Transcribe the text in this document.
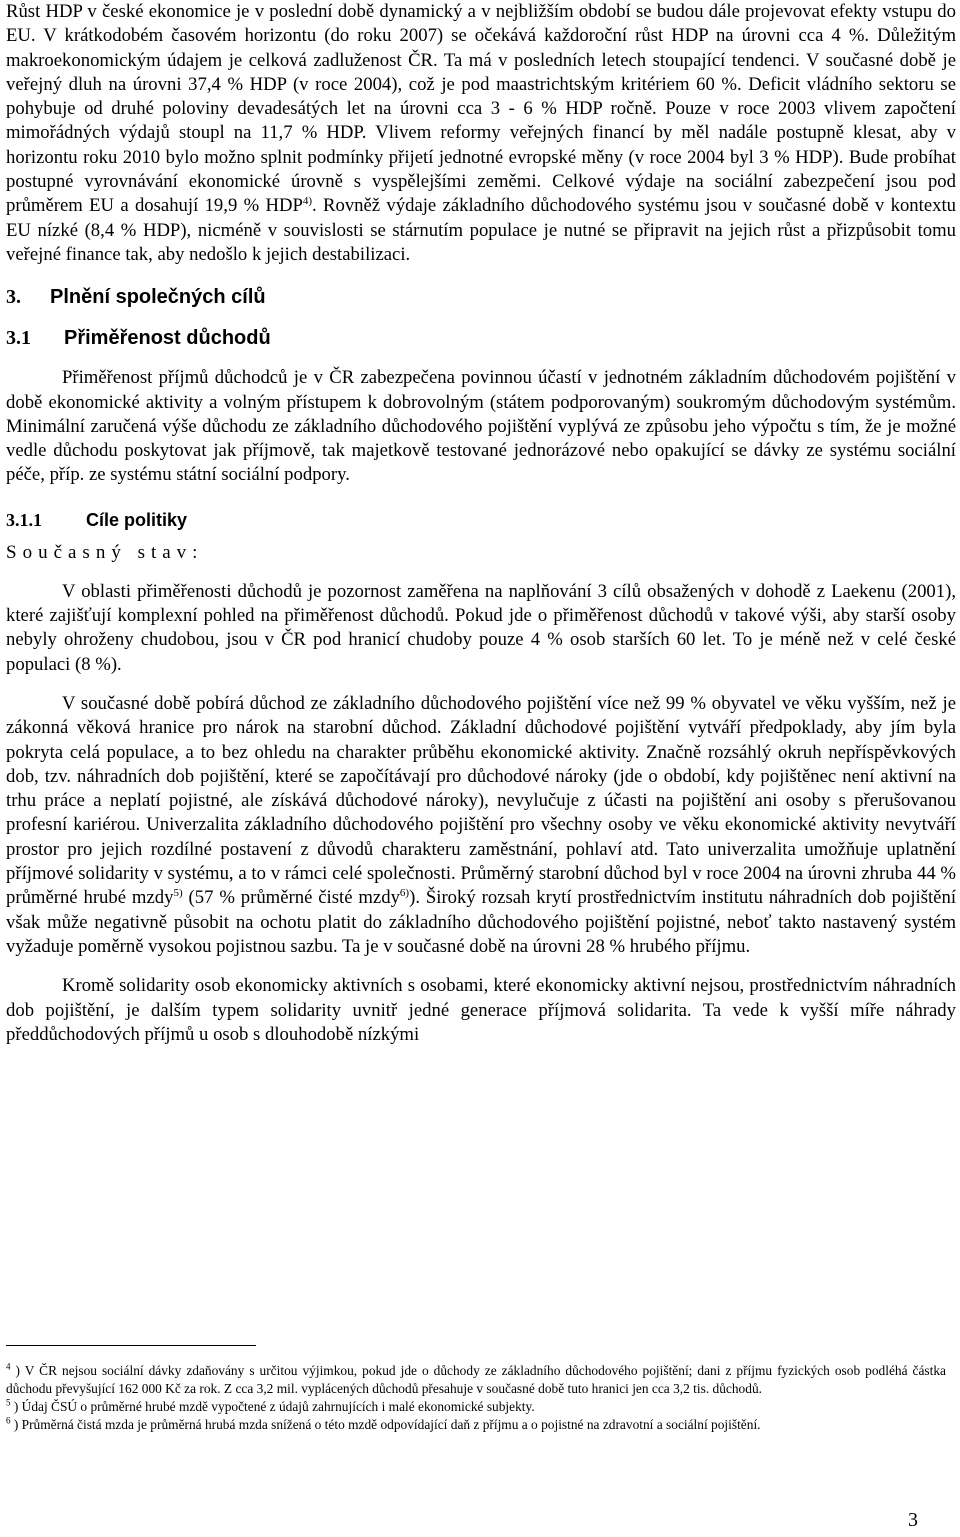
Růst HDP v české ekonomice je v poslední době dynamický a v nejbližším období se budou dále projevovat efekty vstupu do EU. V krátkodobém časovém horizontu (do roku 2007) se očekává každoroční růst HDP na úrovni cca 4 %. Důležitým makroekonomickým údajem je celková zadluženost ČR. Ta má v posledních letech stoupající tendenci. V současné době je veřejný dluh na úrovni 37,4 % HDP (v roce 2004), což je pod maastrichtským kritériem 60 %. Deficit vládního sektoru se pohybuje od druhé poloviny devadesátých let na úrovni cca 3 - 6 % HDP ročně. Pouze v roce 2003 vlivem započtení mimořádných výdajů stoupl na 11,7 % HDP. Vlivem reformy veřejných financí by měl nadále postupně klesat, aby v horizontu roku 2010 bylo možno splnit podmínky přijetí jednotné evropské měny (v roce 2004 byl 3 % HDP). Bude probíhat postupné vyrovnávání ekonomické úrovně s vyspělejšími zeměmi. Celkové výdaje na sociální zabezpečení jsou pod průměrem EU a dosahují 19,9 % HDP$^{4)}$. Rovněž výdaje základního důchodového systému jsou v současné době v kontextu EU nízké (8,4 % HDP), nicméně v souvislosti se stárnutím populace je nutné se připravit na jejich růst a přizpůsobit tomu veřejné finance tak, aby nedošlo k jejich destabilizaci.

3. Plnění společných cílů
3.1 Přiměřenost důchodů

Přiměřenost příjmů důchodců je v ČR zabezpečena povinnou účastí v jednotném základním důchodovém pojištění v době ekonomické aktivity a volným přístupem k dobrovolným (státem podporovaným) soukromým důchodovým systémům. Minimální zaručená výše důchodu ze základního důchodového pojištění vyplývá ze způsobu jeho výpočtu s tím, že je možné vedle důchodu poskytovat jak příjmově, tak majetkově testované jednorázové nebo opakující se dávky ze systému sociální péče, příp. ze systému státní sociální podpory.

3.1.1 Cíle politiky
Současný stav:

V oblasti přiměřenosti důchodů je pozornost zaměřena na naplňování 3 cílů obsažených v dohodě z Laekenu (2001), které zajišťují komplexní pohled na přiměřenost důchodů. Pokud jde o přiměřenost důchodů v takové výši, aby starší osoby nebyly ohroženy chudobou, jsou v ČR pod hranicí chudoby pouze 4 % osob starších 60 let. To je méně než v celé české populaci (8 %).

V současné době pobírá důchod ze základního důchodového pojištění více než 99 % obyvatel ve věku vyšším, než je zákonná věková hranice pro nárok na starobní důchod. Základní důchodové pojištění vytváří předpoklady, aby jím byla pokryta celá populace, a to bez ohledu na charakter průběhu ekonomické aktivity. Značně rozsáhlý okruh nepříspěvkových dob, tzv. náhradních dob pojištění, které se započítávají pro důchodové nároky (jde o období, kdy pojištěnec není aktivní na trhu práce a neplatí pojistné, ale získává důchodové nároky), nevylučuje z účasti na pojištění ani osoby s přerušovanou profesní kariérou. Univerzalita základního důchodového pojištění pro všechny osoby ve věku ekonomické aktivity nevytváří prostor pro jejich rozdílné postavení z důvodů charakteru zaměstnání, pohlaví atd. Tato univerzalita umožňuje uplatnění příjmové solidarity v systému, a to v rámci celé společnosti. Průměrný starobní důchod byl v roce 2004 na úrovni zhruba 44 % průměrné hrubé mzdy$^{5)}$ (57 % průměrné čisté mzdy$^{6)}$). Široký rozsah krytí prostřednictvím institutu náhradních dob pojištění však může negativně působit na ochotu platit do základního důchodového pojištění pojistné, neboť takto nastavený systém vyžaduje poměrně vysokou pojistnou sazbu. Ta je v současné době na úrovni 28 % hrubého příjmu.

Kromě solidarity osob ekonomicky aktivních s osobami, které ekonomicky aktivní nejsou, prostřednictvím náhradních dob pojištění, je dalším typem solidarity uvnitř jedné generace příjmová solidarita. Ta vede k vyšší míře náhrady předdůchodových příjmů u osob s dlouhodobě nízkými

$^4$ ) V ČR nejsou sociální dávky zdaňovány s určitou výjimkou, pokud jde o důchody ze základního důchodového pojištění; dani z příjmu fyzických osob podléhá částka důchodu převyšující 162 000 Kč za rok. Z cca 3,2 mil. vyplácených důchodů přesahuje v současné době tuto hranici jen cca 3,2 tis. důchodů.

$^5$ ) Údaj ČSÚ o průměrné hrubé mzdě vypočtené z údajů zahrnujících i malé ekonomické subjekty.

$^6$ ) Průměrná čistá mzda je průměrná hrubá mzda snížená o této mzdě odpovídající daň z příjmu a o pojistné na zdravotní a sociální pojištění.

3
